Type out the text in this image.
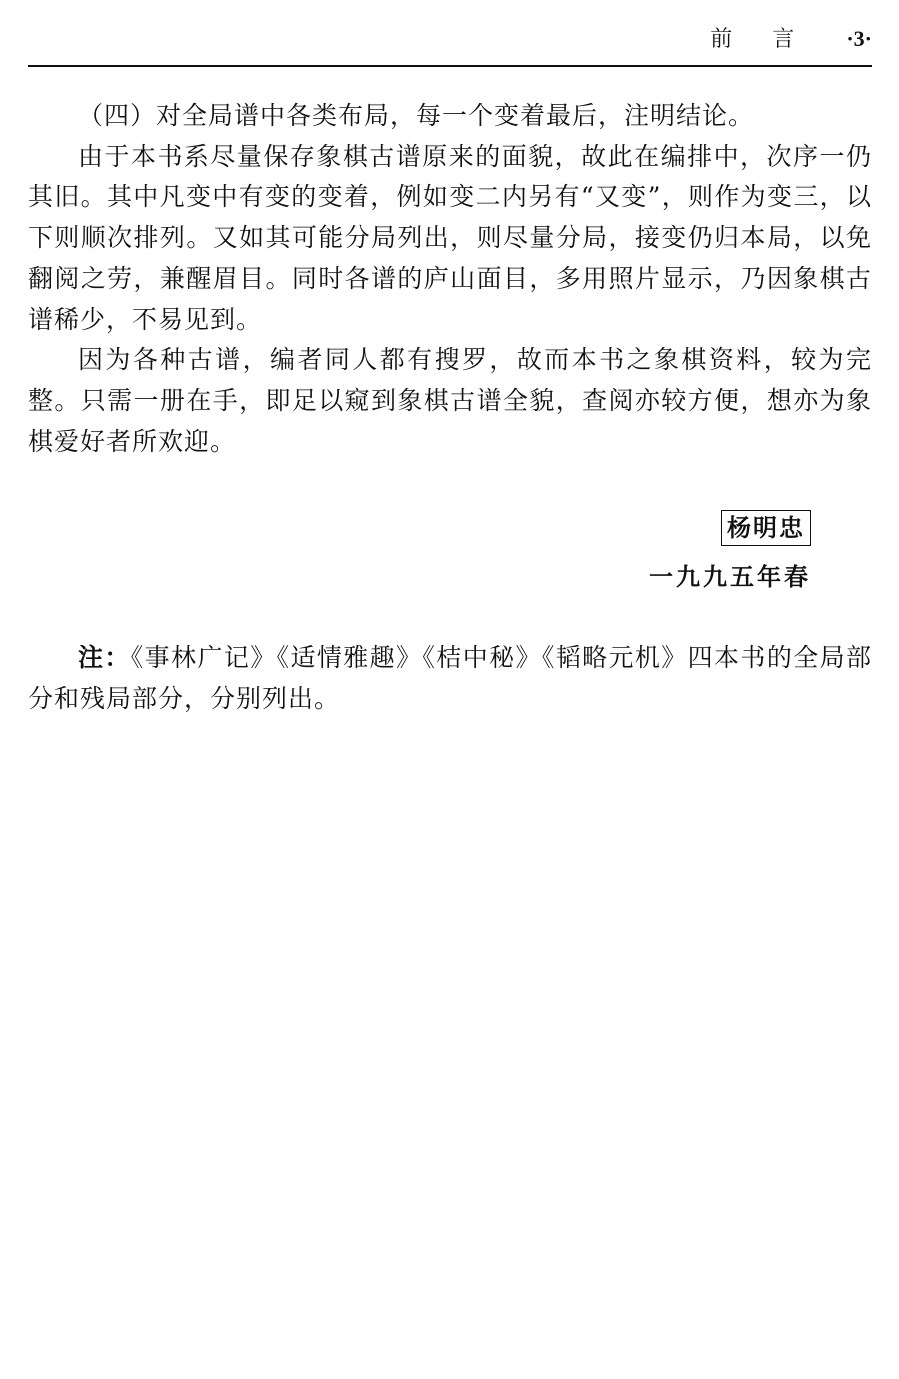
前言 ·3·

（四）对全局谱中各类布局，每一个变着最后，注明结论。

由于本书系尽量保存象棋古谱原来的面貌，故此在编排中，次序一仍其旧。其中凡变中有变的变着，例如变二内另有“又变”，则作为变三，以下则顺次排列。又如其可能分局列出，则尽量分局，接变仍归本局，以免翻阅之劳，兼醒眉目。同时各谱的庐山面目，多用照片显示，乃因象棋古谱稀少，不易见到。

因为各种古谱，编者同人都有搜罗，故而本书之象棋资料，较为完整。只需一册在手，即足以窥到象棋古谱全貌，查阅亦较方便，想亦为象棋爱好者所欢迎。

杨明忠
一九九五年春
注：《事林广记》《适情雅趣》《桔中秘》《韬略元机》四本书的全局部分和残局部分，分别列出。
